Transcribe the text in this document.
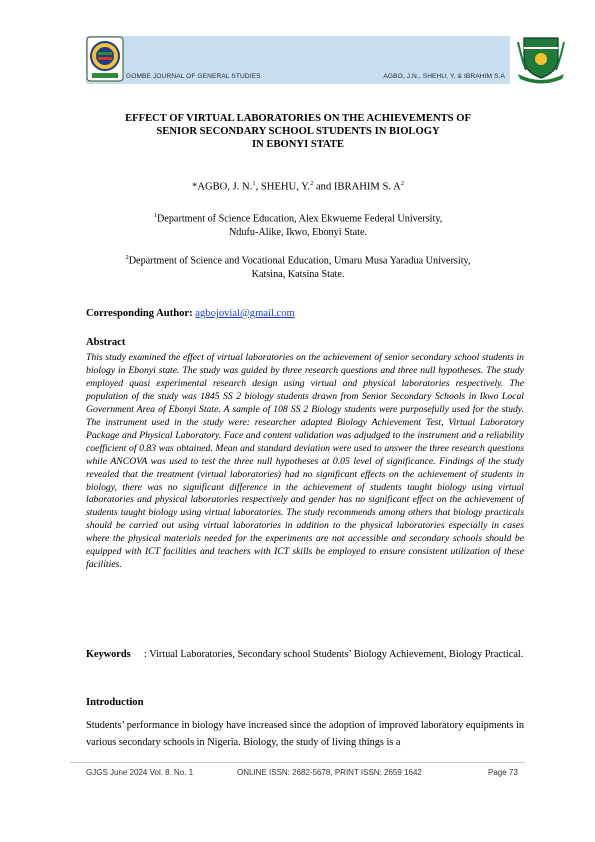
GOMBE JOURNAL OF GENERAL STUDIES	AGBO, J.N., SHEHU, Y. & IBRAHIM S.A
EFFECT OF VIRTUAL LABORATORIES ON THE ACHIEVEMENTS OF
SENIOR SECONDARY SCHOOL STUDENTS IN BIOLOGY
IN EBONYI STATE
*AGBO, J. N.$^1$, SHEHU, Y.$^2$ and IBRAHIM S. $A^2$
$^1$Department of Science Education, Alex Ekwueme Federal University,
Ndufu-Alike, Ikwo, Ebonyi State.
$^2$Department of Science and Vocational Education, Umaru Musa Yaradua University,
Katsina, Katsina State.
Corresponding Author: agbojovial@gmail.com
Abstract

This study examined the effect of virtual laboratories on the achievement of senior secondary school students in biology in Ebonyi state. The study was guided by three research questions and three null hypotheses. The study employed quasi experimental research design using virtual and physical laboratories respectively. The population of the study was 1845 SS 2 biology students drawn from Senior Secondary Schools in Ikwo Local Government Area of Ebonyi State. A sample of 108 SS 2 Biology students were purposefully used for the study. The instrument used in the study were: researcher adapted Biology Achievement Test, Virtual Laboratory Package and Physical Laboratory. Face and content validation was adjudged to the instrument and a reliability coefficient of 0.83 was obtained. Mean and standard deviation were used to answer the three research questions while ANCOVA was used to test the three null hypotheses at 0.05 level of significance. Findings of the study revealed that the treatment (virtual laboratories) had no significant effects on the achievement of students in biology, there was no significant difference in the achievement of students taught biology using virtual laboratories and physical laboratories respectively and gender has no significant effect on the achievement of students taught biology using virtual laboratories. The study recommends among others that biology practicals should be carried out using virtual laboratories in addition to the physical laboratories especially in cases where the physical materials needed for the experiments are not accessible and secondary schools should be equipped with ICT facilities and teachers with ICT skills be employed to ensure consistent utilization of these facilities.

Keywords	: Virtual Laboratories, Secondary school Students’ Biology Achievement, Biology Practical.
Introduction

Students’ performance in biology have increased since the adoption of improved laboratory equipments in various secondary schools in Nigeria. Biology, the study of living things is a

GJGS June 2024 Vol. 8. No. 1	ONLINE ISSN: 2682-5678, PRINT ISSN: 2659 1642	Page 73
